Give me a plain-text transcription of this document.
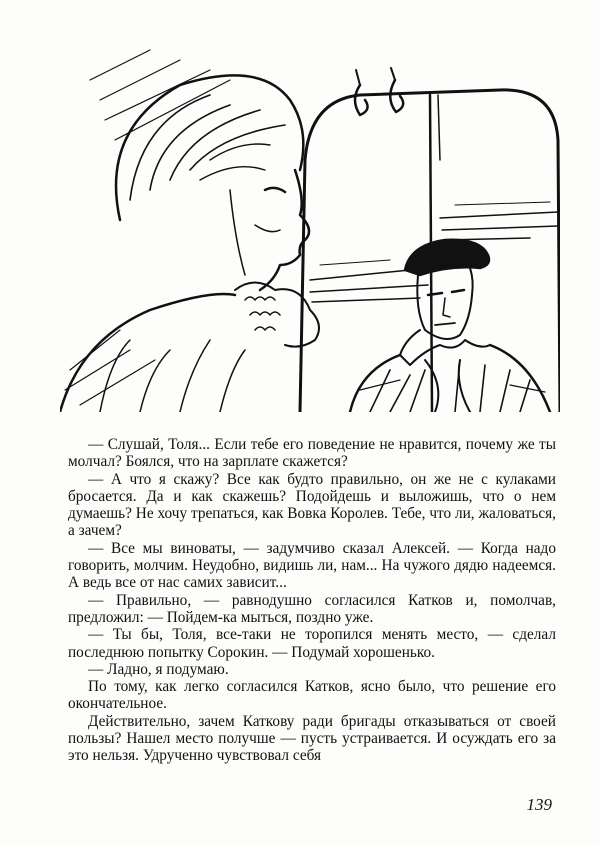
— Слушай, Толя... Если тебе его поведение не нравится, почему же ты молчал? Боялся, что на зарплате скажется?

— А что я скажу? Все как будто правильно, он же не с кулаками бросается. Да и как скажешь? Подойдешь и выложишь, что о нем думаешь? Не хочу трепаться, как Вовка Королев. Тебе, что ли, жаловаться, а зачем?

— Все мы виноваты, — задумчиво сказал Алексей. — Когда надо говорить, молчим. Неудобно, видишь ли, нам... На чужого дядю надеемся. А ведь все от нас самих зависит...

— Правильно, — равнодушно согласился Катков и, помолчав, предложил: — Пойдем-ка мыться, поздно уже.

— Ты бы, Толя, все-таки не торопился менять место, — сделал последнюю попытку Сорокин. — Подумай хорошенько.

— Ладно, я подумаю.

По тому, как легко согласился Катков, ясно было, что решение его окончательное.

Действительно, зачем Каткову ради бригады отказываться от своей пользы? Нашел место получше — пусть устраивается. И осуждать его за это нельзя. Удрученно чувствовал себя

139
